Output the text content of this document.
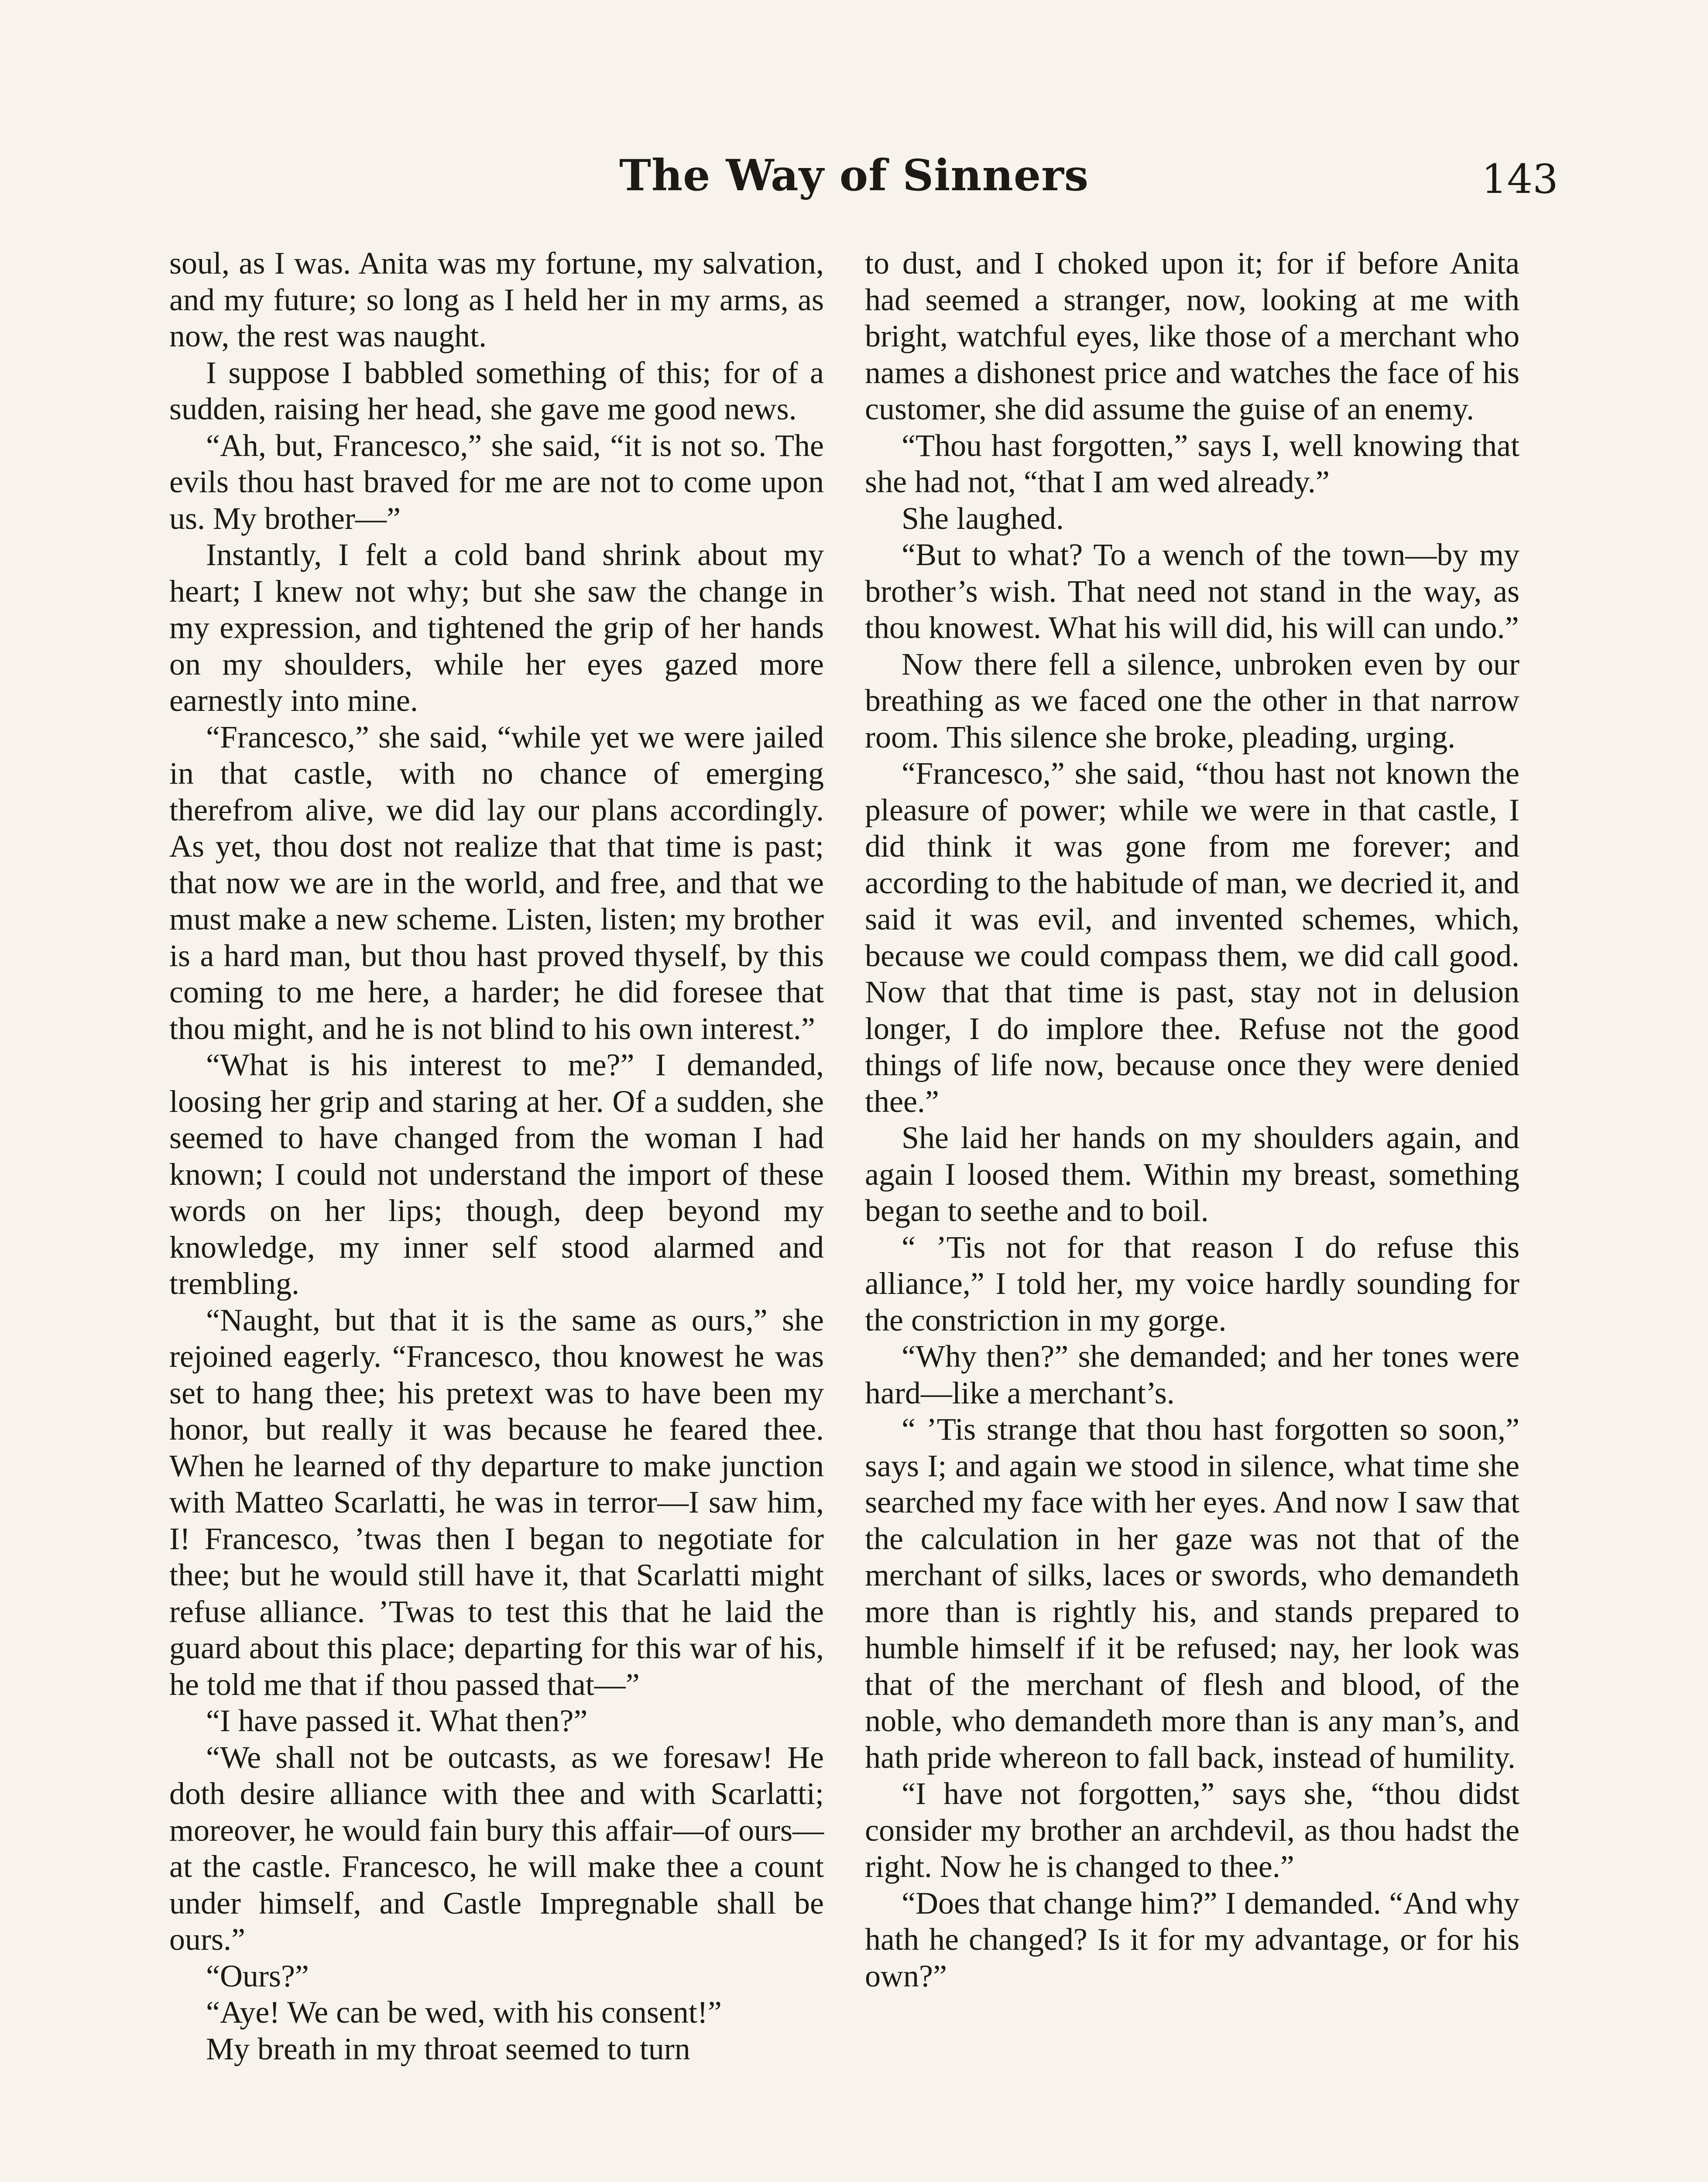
The Way of Sinners	143

soul, as I was. Anita was my fortune, my salvation, and my future; so long as I held her in my arms, as now, the rest was naught.

I suppose I babbled something of this; for of a sudden, raising her head, she gave me good news.

“Ah, but, Francesco,” she said, “it is not so. The evils thou hast braved for me are not to come upon us. My brother—”

Instantly, I felt a cold band shrink about my heart; I knew not why; but she saw the change in my expression, and tightened the grip of her hands on my shoulders, while her eyes gazed more earnestly into mine.

“Francesco,” she said, “while yet we were jailed in that castle, with no chance of emerging therefrom alive, we did lay our plans accordingly. As yet, thou dost not realize that that time is past; that now we are in the world, and free, and that we must make a new scheme. Listen, listen; my brother is a hard man, but thou hast proved thyself, by this coming to me here, a harder; he did foresee that thou might, and he is not blind to his own interest.”

“What is his interest to me?” I demanded, loosing her grip and staring at her. Of a sudden, she seemed to have changed from the woman I had known; I could not understand the import of these words on her lips; though, deep beyond my knowledge, my inner self stood alarmed and trembling.

“Naught, but that it is the same as ours,” she rejoined eagerly. “Francesco, thou knowest he was set to hang thee; his pretext was to have been my honor, but really it was because he feared thee. When he learned of thy departure to make junction with Matteo Scarlatti, he was in terror—I saw him, I! Francesco, ’twas then I began to negotiate for thee; but he would still have it, that Scarlatti might refuse alliance. ’Twas to test this that he laid the guard about this place; departing for this war of his, he told me that if thou passed that—”

“I have passed it. What then?”

“We shall not be outcasts, as we foresaw! He doth desire alliance with thee and with Scarlatti; moreover, he would fain bury this affair—of ours—at the castle. Francesco, he will make thee a count under himself, and Castle Impregnable shall be ours.”

“Ours?”

“Aye! We can be wed, with his consent!”

My breath in my throat seemed to turn

to dust, and I choked upon it; for if before Anita had seemed a stranger, now, looking at me with bright, watchful eyes, like those of a merchant who names a dishonest price and watches the face of his customer, she did assume the guise of an enemy.

“Thou hast forgotten,” says I, well knowing that she had not, “that I am wed already.”

She laughed.

“But to what? To a wench of the town—by my brother’s wish. That need not stand in the way, as thou knowest. What his will did, his will can undo.”

Now there fell a silence, unbroken even by our breathing as we faced one the other in that narrow room. This silence she broke, pleading, urging.

“Francesco,” she said, “thou hast not known the pleasure of power; while we were in that castle, I did think it was gone from me forever; and according to the habitude of man, we decried it, and said it was evil, and invented schemes, which, because we could compass them, we did call good. Now that that time is past, stay not in delusion longer, I do implore thee. Refuse not the good things of life now, because once they were denied thee.”

She laid her hands on my shoulders again, and again I loosed them. Within my breast, something began to seethe and to boil.

“ ’Tis not for that reason I do refuse this alliance,” I told her, my voice hardly sounding for the constriction in my gorge.

“Why then?” she demanded; and her tones were hard—like a merchant’s.

“ ’Tis strange that thou hast forgotten so soon,” says I; and again we stood in silence, what time she searched my face with her eyes. And now I saw that the calculation in her gaze was not that of the merchant of silks, laces or swords, who demandeth more than is rightly his, and stands prepared to humble himself if it be refused; nay, her look was that of the merchant of flesh and blood, of the noble, who demandeth more than is any man’s, and hath pride whereon to fall back, instead of humility.

“I have not forgotten,” says she, “thou didst consider my brother an archdevil, as thou hadst the right. Now he is changed to thee.”

“Does that change him?” I demanded. “And why hath he changed? Is it for my advantage, or for his own?”
